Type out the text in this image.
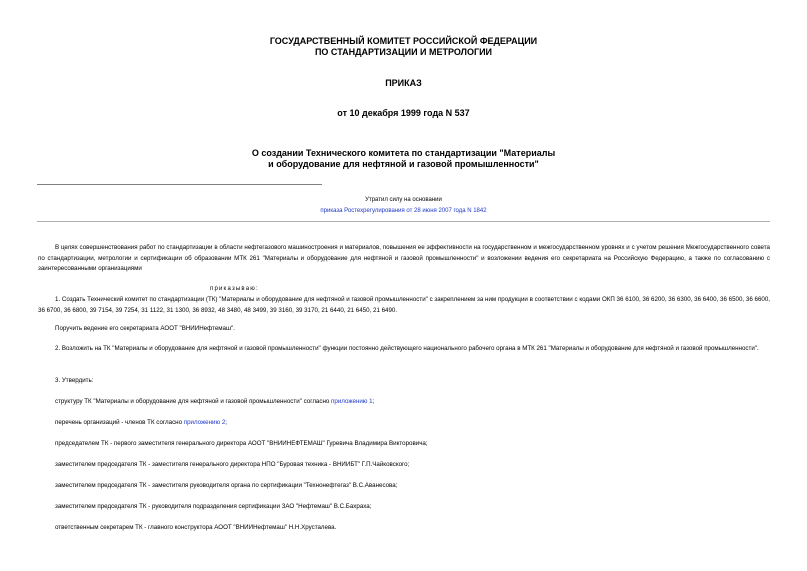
ГОСУДАРСТВЕННЫЙ КОМИТЕТ РОССИЙСКОЙ ФЕДЕРАЦИИ
ПО СТАНДАРТИЗАЦИИ И МЕТРОЛОГИИ
ПРИКАЗ
от 10 декабря 1999 года N 537
О создании Технического комитета по стандартизации "Материалы
и оборудование для нефтяной и газовой промышленности"
Утратил силу на основании
приказа Ростехрегулирования от 28 июня 2007 года N 1842
В целях совершенствования работ по стандартизации в области нефтегазового машиностроения и материалов, повышения ее эффективности на государственном и межгосударственном уровнях и с учетом решения Межгосударственного совета по стандартизации, метрологии и сертификации об образовании МТК 261 "Материалы и оборудование для нефтяной и газовой промышленности" и возложении ведения его секретариата на Российскую Федерацию, а также по согласованию с заинтересованными организациями
приказываю:
1. Создать Технический комитет по стандартизации (ТК) "Материалы и оборудование для нефтяной и газовой промышленности" с закреплением за ним продукции в соответствии с кодами ОКП 36 6100, 36 6200, 36 6300, 36 6400, 36 6500, 36 6600, 36 6700, 36 6800, 39 7154, 39 7254, 31 1122, 31 1300, 36 8932, 48 3480, 48 3499, 39 3160, 39 3170, 21 6440, 21 6450, 21 6490.
Поручить ведение его секретариата АООТ "ВНИИНефтемаш".
2. Возложить на ТК "Материалы и оборудование для нефтяной и газовой промышленности" функции постоянно действующего национального рабочего органа в МТК 261 "Материалы и оборудование для нефтяной и газовой промышленности".
3. Утвердить:
структуру ТК "Материалы и оборудование для нефтяной и газовой промышленности" согласно приложению 1;
перечень организаций - членов ТК согласно приложению 2;
председателем ТК - первого заместителя генерального директора АООТ "ВНИИНЕФТЕМАШ" Гуревича Владимира Викторовича;
заместителем председателя ТК - заместителя генерального директора НПО "Буровая техника - ВНИИБТ" Г.П.Чайковского;
заместителем председателя ТК - заместителя руководителя органа по сертификации "Технонефтегаз" В.С.Аванесова;
заместителем председателя ТК - руководителя подразделения сертификации ЗАО "Нефтемаш" В.С.Бахраха;
ответственным секретарем ТК - главного конструктора АООТ "ВНИИНефтемаш" Н.Н.Хрусталева.
